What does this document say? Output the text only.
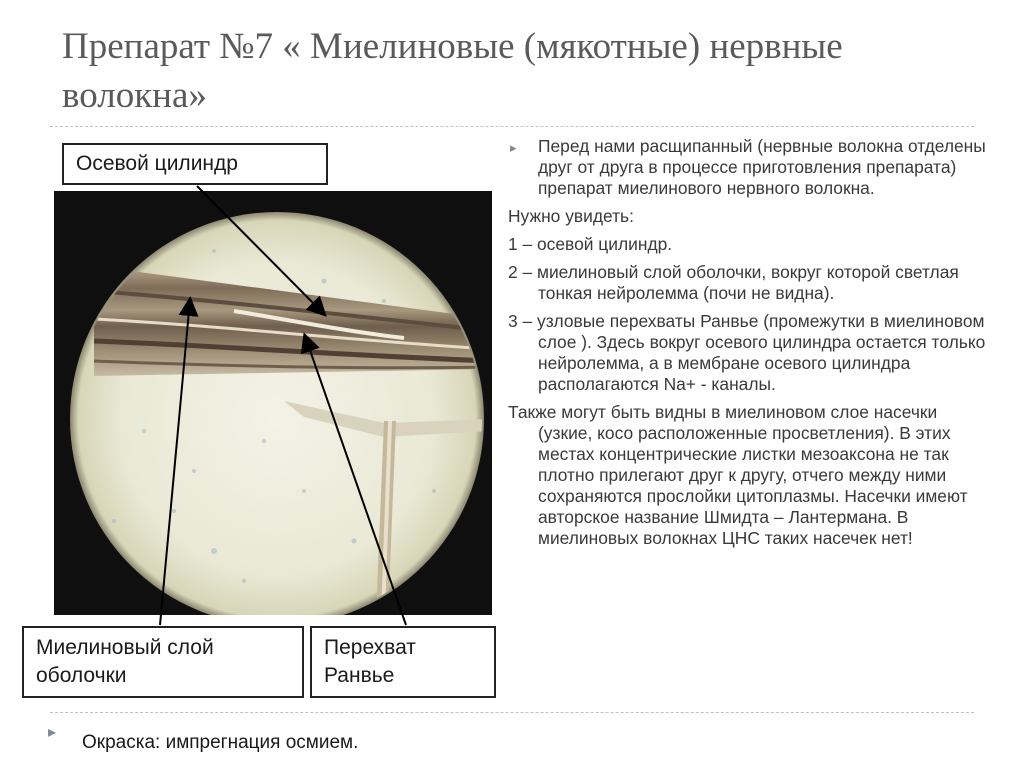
Препарат №7 « Миелиновые (мякотные) нервные волокна»
Осевой цилиндр
Миелиновый слой
оболочки
Перехват
Ранвье
▸ Перед нами расщипанный (нервные волокна отделены друг от друга в процессе приготовления препарата) препарат миелинового нервного волокна.

Нужно увидеть:

1 – осевой цилиндр.

2 – миелиновый слой оболочки, вокруг которой светлая тонкая нейролемма (почи не видна).

3 – узловые перехваты Ранвье (промежутки в миелиновом слое ). Здесь вокруг осевого цилиндра остается только нейролемма, а в мембране осевого цилиндра располагаются Na+ - каналы.

Также могут быть видны в миелиновом слое насечки (узкие, косо расположенные просветления). В этих местах концентрические листки мезоаксона не так плотно прилегают друг к другу, отчего между ними сохраняются прослойки цитоплазмы. Насечки имеют авторское название Шмидта – Лантермана. В миелиновых волокнах ЦНС таких насечек нет!

▸ Окраска: импрегнация осмием.
